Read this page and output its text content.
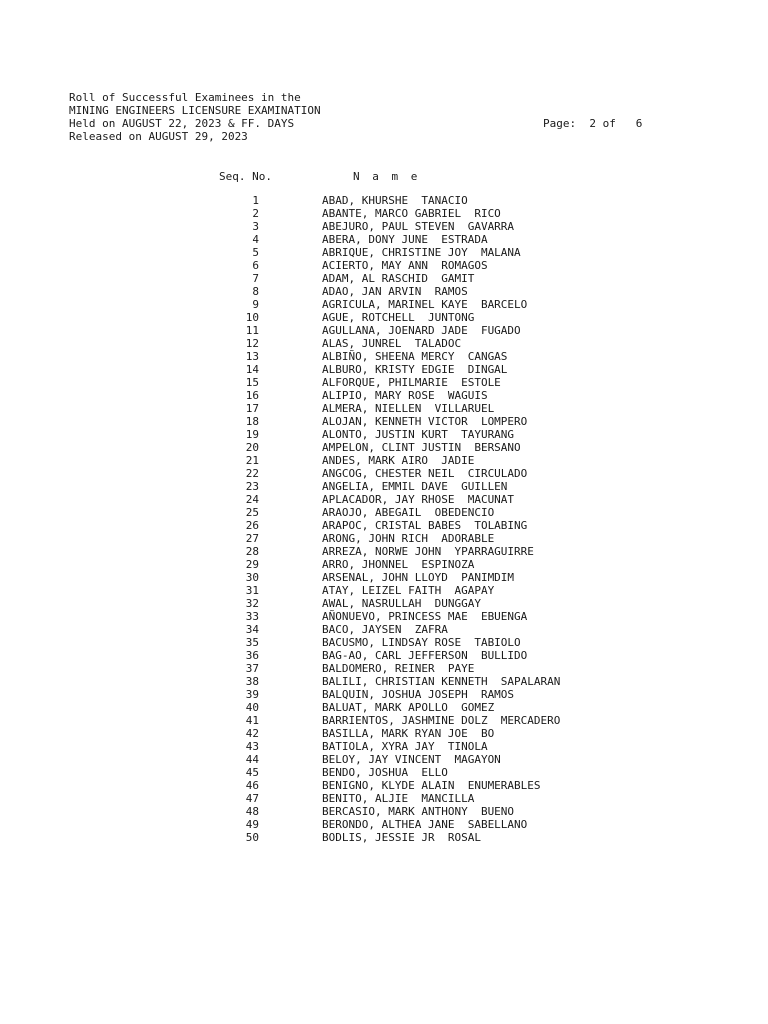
Roll of Successful Examinees in the
MINING ENGINEERS LICENSURE EXAMINATION
Held on AUGUST 22, 2023 & FF. DAYS
Released on AUGUST 29, 2023
Page: 2 of 6
Seq. No.	N a m e
1	ABAD, KHURSHE  TANACIO
2	ABANTE, MARCO GABRIEL  RICO
3	ABEJURO, PAUL STEVEN  GAVARRA
4	ABERA, DONY JUNE  ESTRADA
5	ABRIQUE, CHRISTINE JOY  MALANA
6	ACIERTO, MAY ANN  ROMAGOS
7	ADAM, AL RASCHID  GAMIT
8	ADAO, JAN ARVIN  RAMOS
9	AGRICULA, MARINEL KAYE  BARCELO
10	AGUE, ROTCHELL  JUNTONG
11	AGULLANA, JOENARD JADE  FUGADO
12	ALAS, JUNREL  TALADOC
13	ALBIÑO, SHEENA MERCY  CANGAS
14	ALBURO, KRISTY EDGIE  DINGAL
15	ALFORQUE, PHILMARIE  ESTOLE
16	ALIPIO, MARY ROSE  WAGUIS
17	ALMERA, NIELLEN  VILLARUEL
18	ALOJAN, KENNETH VICTOR  LOMPERO
19	ALONTO, JUSTIN KURT  TAYURANG
20	AMPELON, CLINT JUSTIN  BERSANO
21	ANDES, MARK AIRO  JADIE
22	ANGCOG, CHESTER NEIL  CIRCULADO
23	ANGELIA, EMMIL DAVE  GUILLEN
24	APLACADOR, JAY RHOSE  MACUNAT
25	ARAOJO, ABEGAIL  OBEDENCIO
26	ARAPOC, CRISTAL BABES  TOLABING
27	ARONG, JOHN RICH  ADORABLE
28	ARREZA, NORWE JOHN  YPARRAGUIRRE
29	ARRO, JHONNEL  ESPINOZA
30	ARSENAL, JOHN LLOYD  PANIMDIM
31	ATAY, LEIZEL FAITH  AGAPAY
32	AWAL, NASRULLAH  DUNGGAY
33	AÑONUEVO, PRINCESS MAE  EBUENGA
34	BACO, JAYSEN  ZAFRA
35	BACUSMO, LINDSAY ROSE  TABIOLO
36	BAG-AO, CARL JEFFERSON  BULLIDO
37	BALDOMERO, REINER  PAYE
38	BALILI, CHRISTIAN KENNETH  SAPALARAN
39	BALQUIN, JOSHUA JOSEPH  RAMOS
40	BALUAT, MARK APOLLO  GOMEZ
41	BARRIENTOS, JASHMINE DOLZ  MERCADERO
42	BASILLA, MARK RYAN JOE  BO
43	BATIOLA, XYRA JAY  TINOLA
44	BELOY, JAY VINCENT  MAGAYON
45	BENDO, JOSHUA  ELLO
46	BENIGNO, KLYDE ALAIN  ENUMERABLES
47	BENITO, ALJIE  MANCILLA
48	BERCASIO, MARK ANTHONY  BUENO
49	BERONDO, ALTHEA JANE  SABELLANO
50	BODLIS, JESSIE JR  ROSAL
